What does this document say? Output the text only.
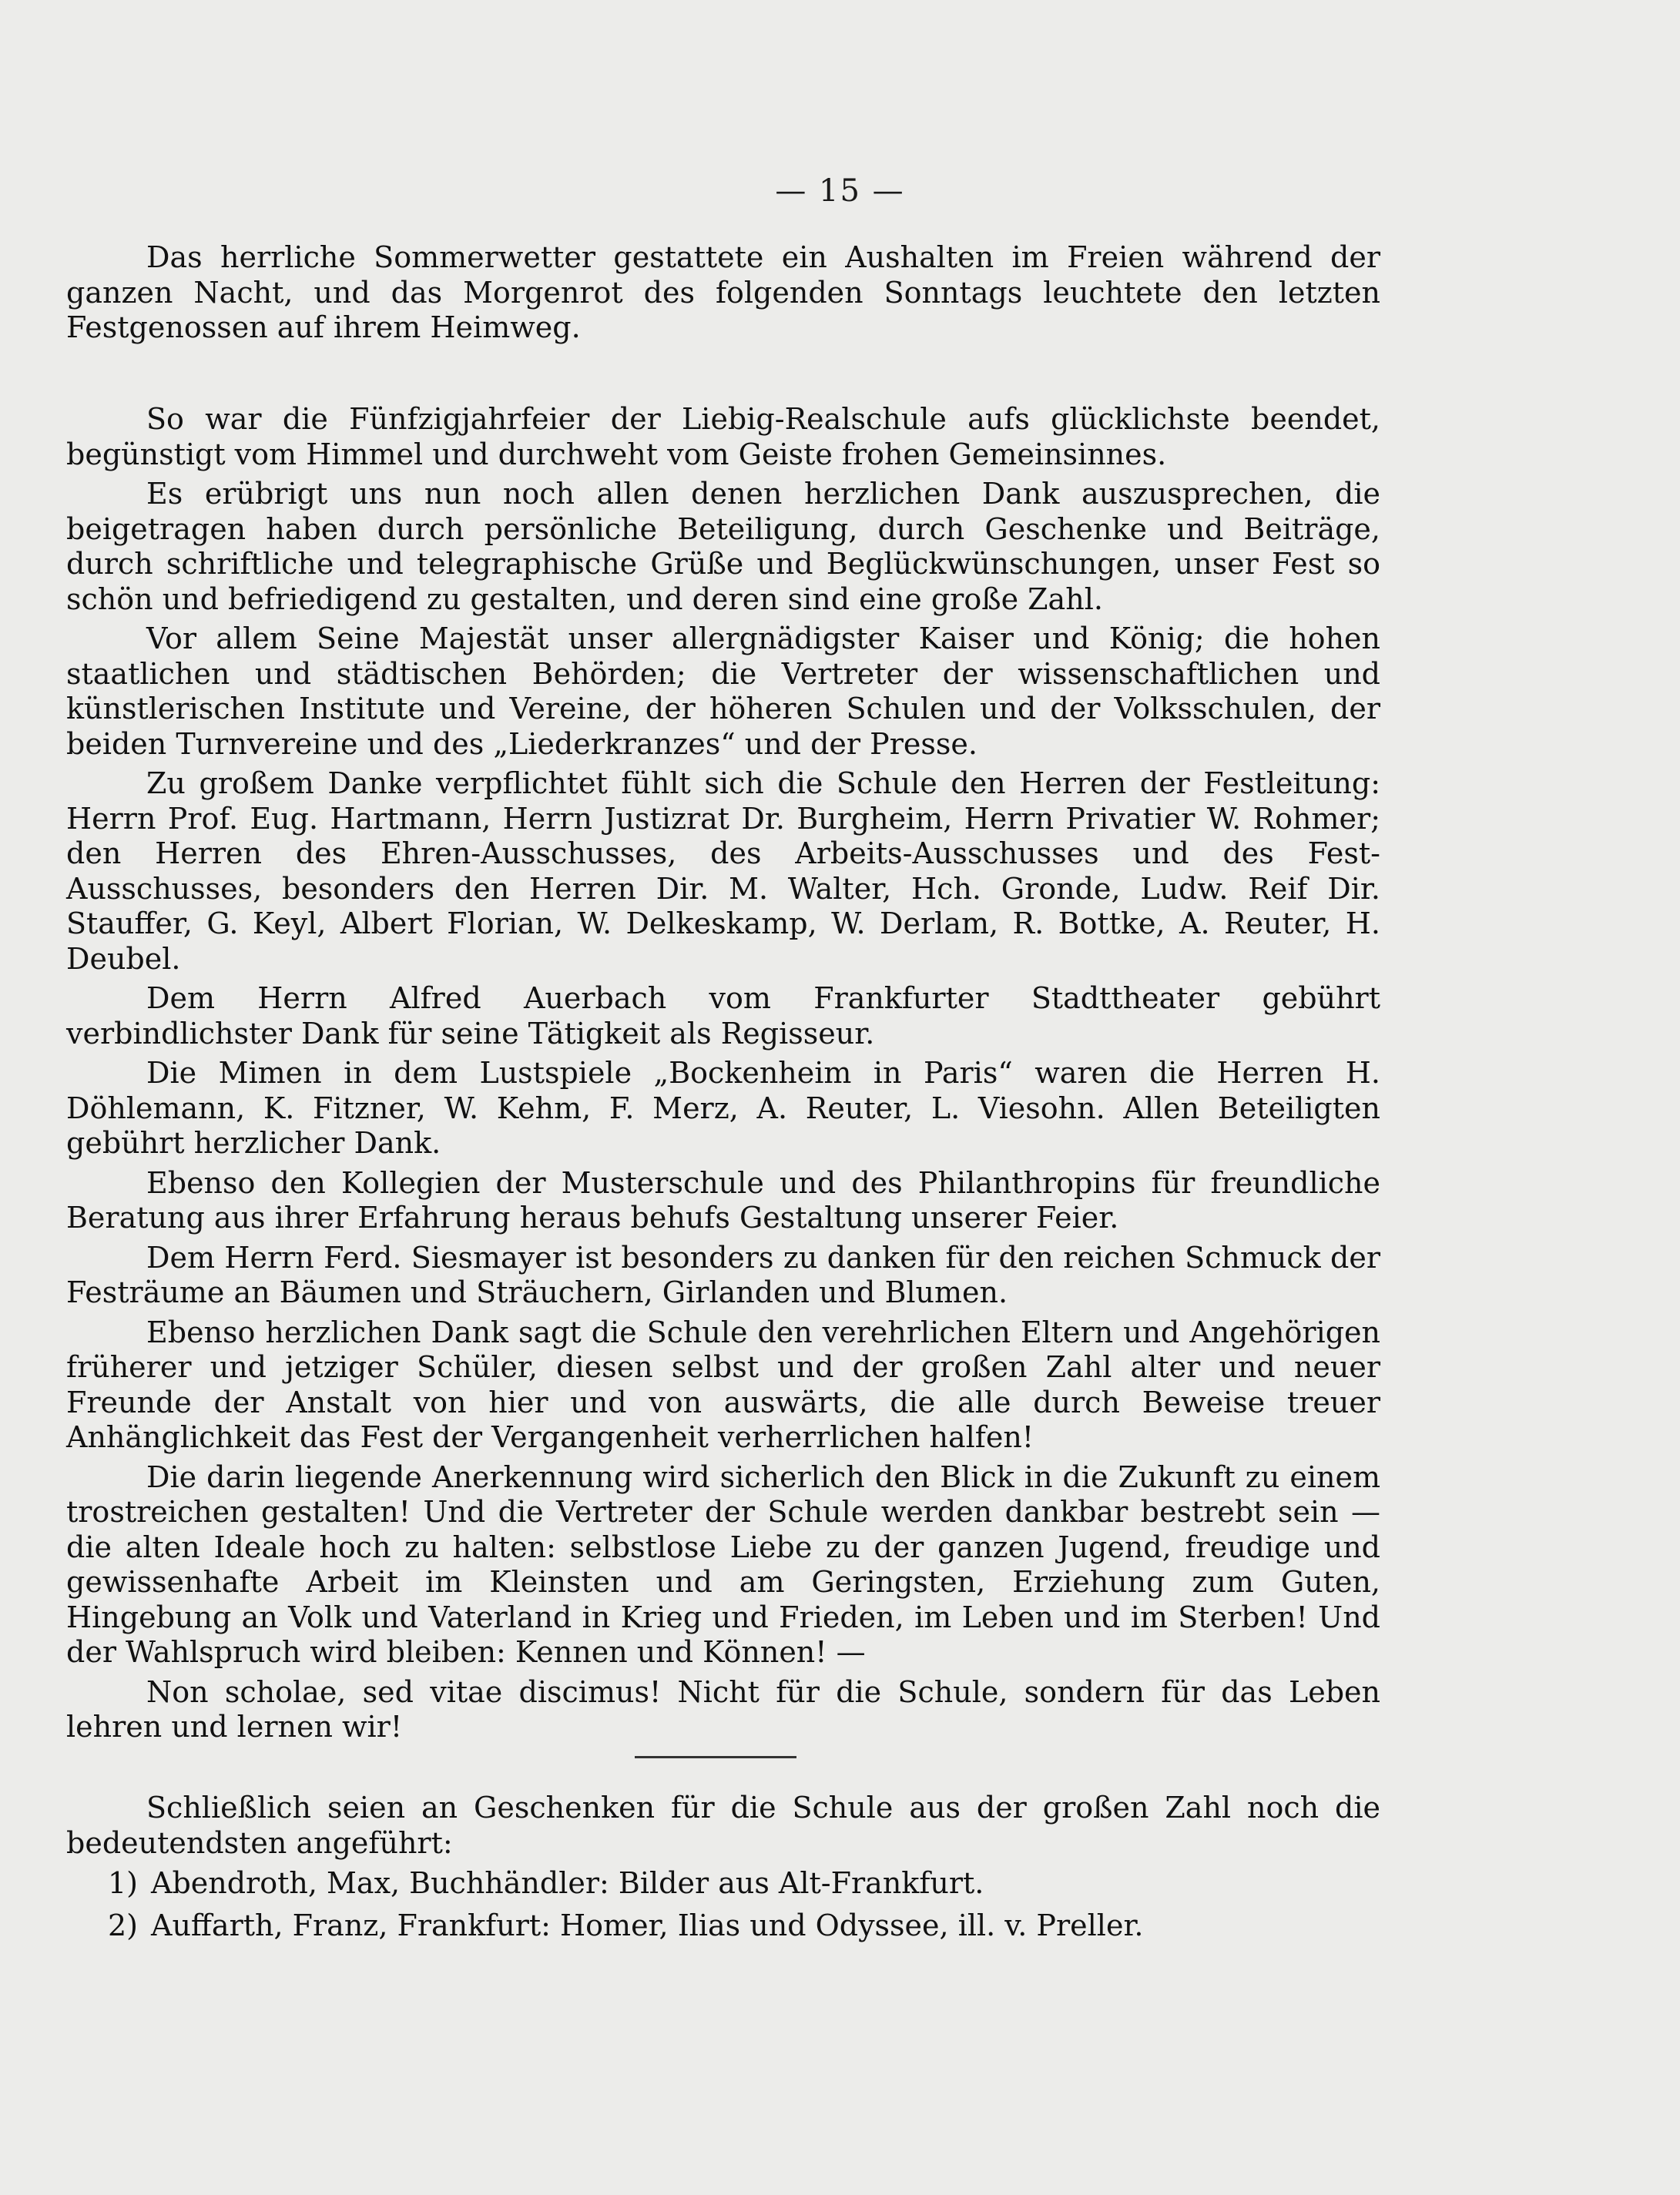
— 15 —

Das herrliche Sommerwetter gestattete ein Aushalten im Freien während der ganzen Nacht, und das Morgenrot des folgenden Sonntags leuchtete den letzten Festgenossen auf ihrem Heimweg.

So war die Fünfzigjahrfeier der Liebig-Realschule aufs glücklichste beendet, begünstigt vom Himmel und durchweht vom Geiste frohen Gemeinsinnes.

Es erübrigt uns nun noch allen denen herzlichen Dank auszusprechen, die beigetragen haben durch persönliche Beteiligung, durch Geschenke und Beiträge, durch schriftliche und telegraphische Grüße und Beglückwünschungen, unser Fest so schön und befriedigend zu gestalten, und deren sind eine große Zahl.

Vor allem Seine Majestät unser allergnädigster Kaiser und König; die hohen staatlichen und städtischen Behörden; die Vertreter der wissenschaftlichen und künstlerischen Institute und Vereine, der höheren Schulen und der Volksschulen, der beiden Turnvereine und des „Liederkranzes“ und der Presse.

Zu großem Danke verpflichtet fühlt sich die Schule den Herren der Festleitung: Herrn Prof. Eug. Hartmann, Herrn Justizrat Dr. Burgheim, Herrn Privatier W. Rohmer; den Herren des Ehren-Ausschusses, des Arbeits-Ausschusses und des Fest-Ausschusses, besonders den Herren Dir. M. Walter, Hch. Gronde, Ludw. Reif Dir. Stauffer, G. Keyl, Albert Florian, W. Delkeskamp, W. Derlam, R. Bottke, A. Reuter, H. Deubel.

Dem Herrn Alfred Auerbach vom Frankfurter Stadttheater gebührt verbindlichster Dank für seine Tätigkeit als Regisseur.

Die Mimen in dem Lustspiele „Bockenheim in Paris“ waren die Herren H. Döhlemann, K. Fitzner, W. Kehm, F. Merz, A. Reuter, L. Viesohn. Allen Beteiligten gebührt herzlicher Dank.

Ebenso den Kollegien der Musterschule und des Philanthropins für freundliche Beratung aus ihrer Erfahrung heraus behufs Gestaltung unserer Feier.

Dem Herrn Ferd. Siesmayer ist besonders zu danken für den reichen Schmuck der Festräume an Bäumen und Sträuchern, Girlanden und Blumen.

Ebenso herzlichen Dank sagt die Schule den verehrlichen Eltern und Angehörigen früherer und jetziger Schüler, diesen selbst und der großen Zahl alter und neuer Freunde der Anstalt von hier und von auswärts, die alle durch Beweise treuer Anhänglichkeit das Fest der Vergangenheit verherrlichen halfen!

Die darin liegende Anerkennung wird sicherlich den Blick in die Zukunft zu einem trostreichen gestalten! Und die Vertreter der Schule werden dankbar bestrebt sein — die alten Ideale hoch zu halten: selbstlose Liebe zu der ganzen Jugend, freudige und gewissenhafte Arbeit im Kleinsten und am Geringsten, Erziehung zum Guten, Hingebung an Volk und Vaterland in Krieg und Frieden, im Leben und im Sterben! Und der Wahlspruch wird bleiben: Kennen und Können! —

Non scholae, sed vitae discimus! Nicht für die Schule, sondern für das Leben lehren und lernen wir!

Schließlich seien an Geschenken für die Schule aus der großen Zahl noch die bedeutendsten angeführt:

1) Abendroth, Max, Buchhändler: Bilder aus Alt-Frankfurt.
2) Auffarth, Franz, Frankfurt: Homer, Ilias und Odyssee, ill. v. Preller.
